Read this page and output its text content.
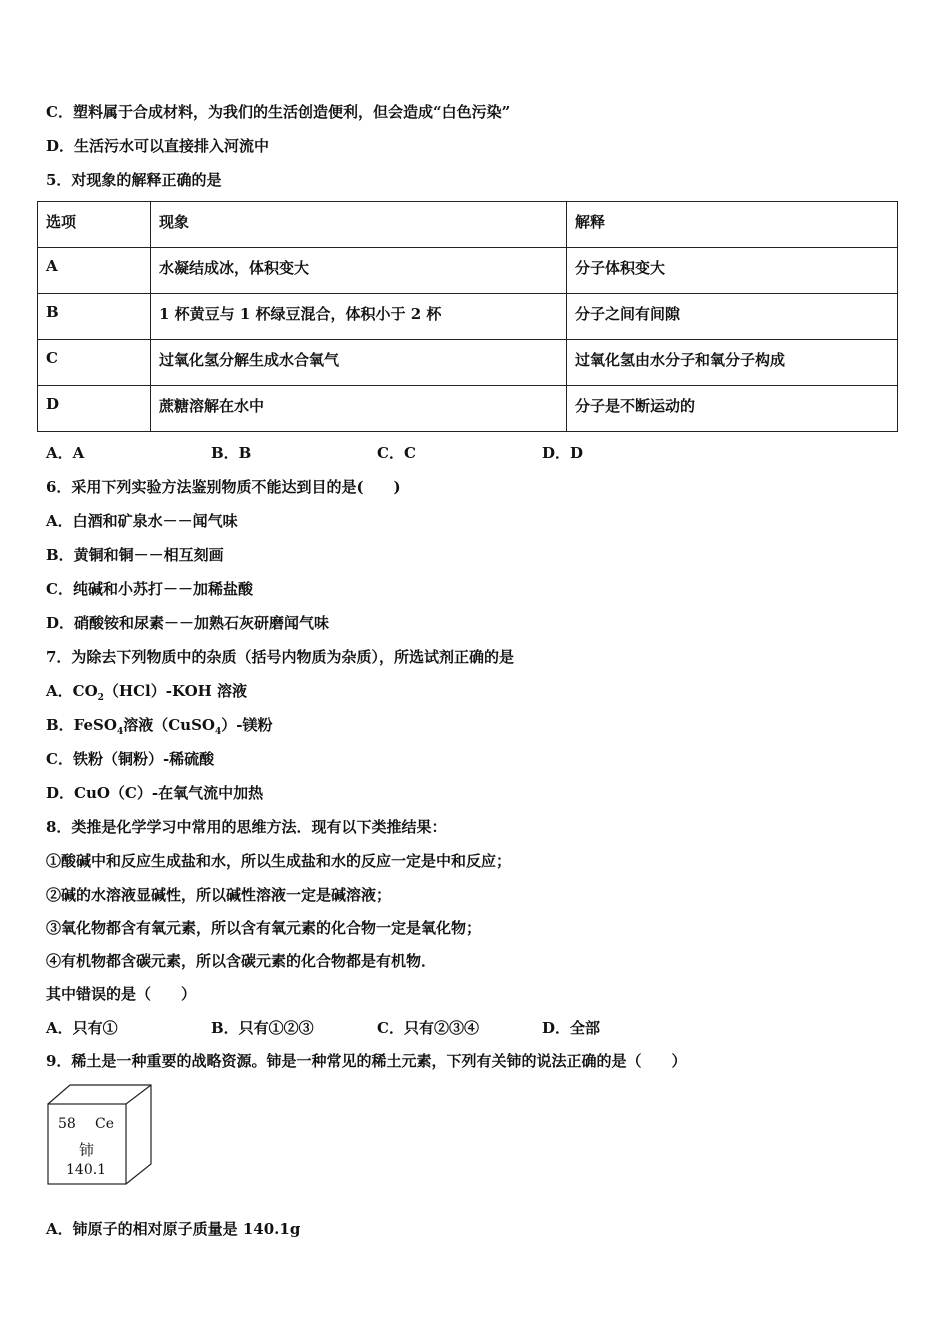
C．塑料属于合成材料，为我们的生活创造便利，但会造成“白色污染”
D．生活污水可以直接排入河流中
5．对现象的解释正确的是
选项	现象	解释
A	水凝结成冰，体积变大	分子体积变大
B	1 杯黄豆与 1 杯绿豆混合，体积小于 2 杯	分子之间有间隙
C	过氧化氢分解生成水合氧气	过氧化氢由水分子和氧分子构成
D	蔗糖溶解在水中	分子是不断运动的
A．A	B．B	C．C	D．D
6．采用下列实验方法鉴别物质不能达到目的是(　　)
A．白酒和矿泉水－－闻气味
B．黄铜和铜－－相互刻画
C．纯碱和小苏打－－加稀盐酸
D．硝酸铵和尿素－－加熟石灰研磨闻气味
7．为除去下列物质中的杂质（括号内物质为杂质），所选试剂正确的是
A．$CO_2(HCl)$-KOH 溶液
B．FeSO$_4$溶液（CuSO$_4$）-镁粉
C．铁粉（铜粉）-稀硫酸
D．CuO（C）-在氧气流中加热
8．类推是化学学习中常用的思维方法．现有以下类推结果：
①酸碱中和反应生成盐和水，所以生成盐和水的反应一定是中和反应；
②碱的水溶液显碱性，所以碱性溶液一定是碱溶液；
③氧化物都含有氧元素，所以含有氧元素的化合物一定是氧化物；
④有机物都含碳元素，所以含碳元素的化合物都是有机物．
其中错误的是（　　）
A．只有①	B．只有①②③	C．只有②③④	D．全部
9．稀土是一种重要的战略资源。铈是一种常见的稀土元素，下列有关铈的说法正确的是（　　）
58 Ce
铈
140.1
A．铈原子的相对原子质量是 140.1g
